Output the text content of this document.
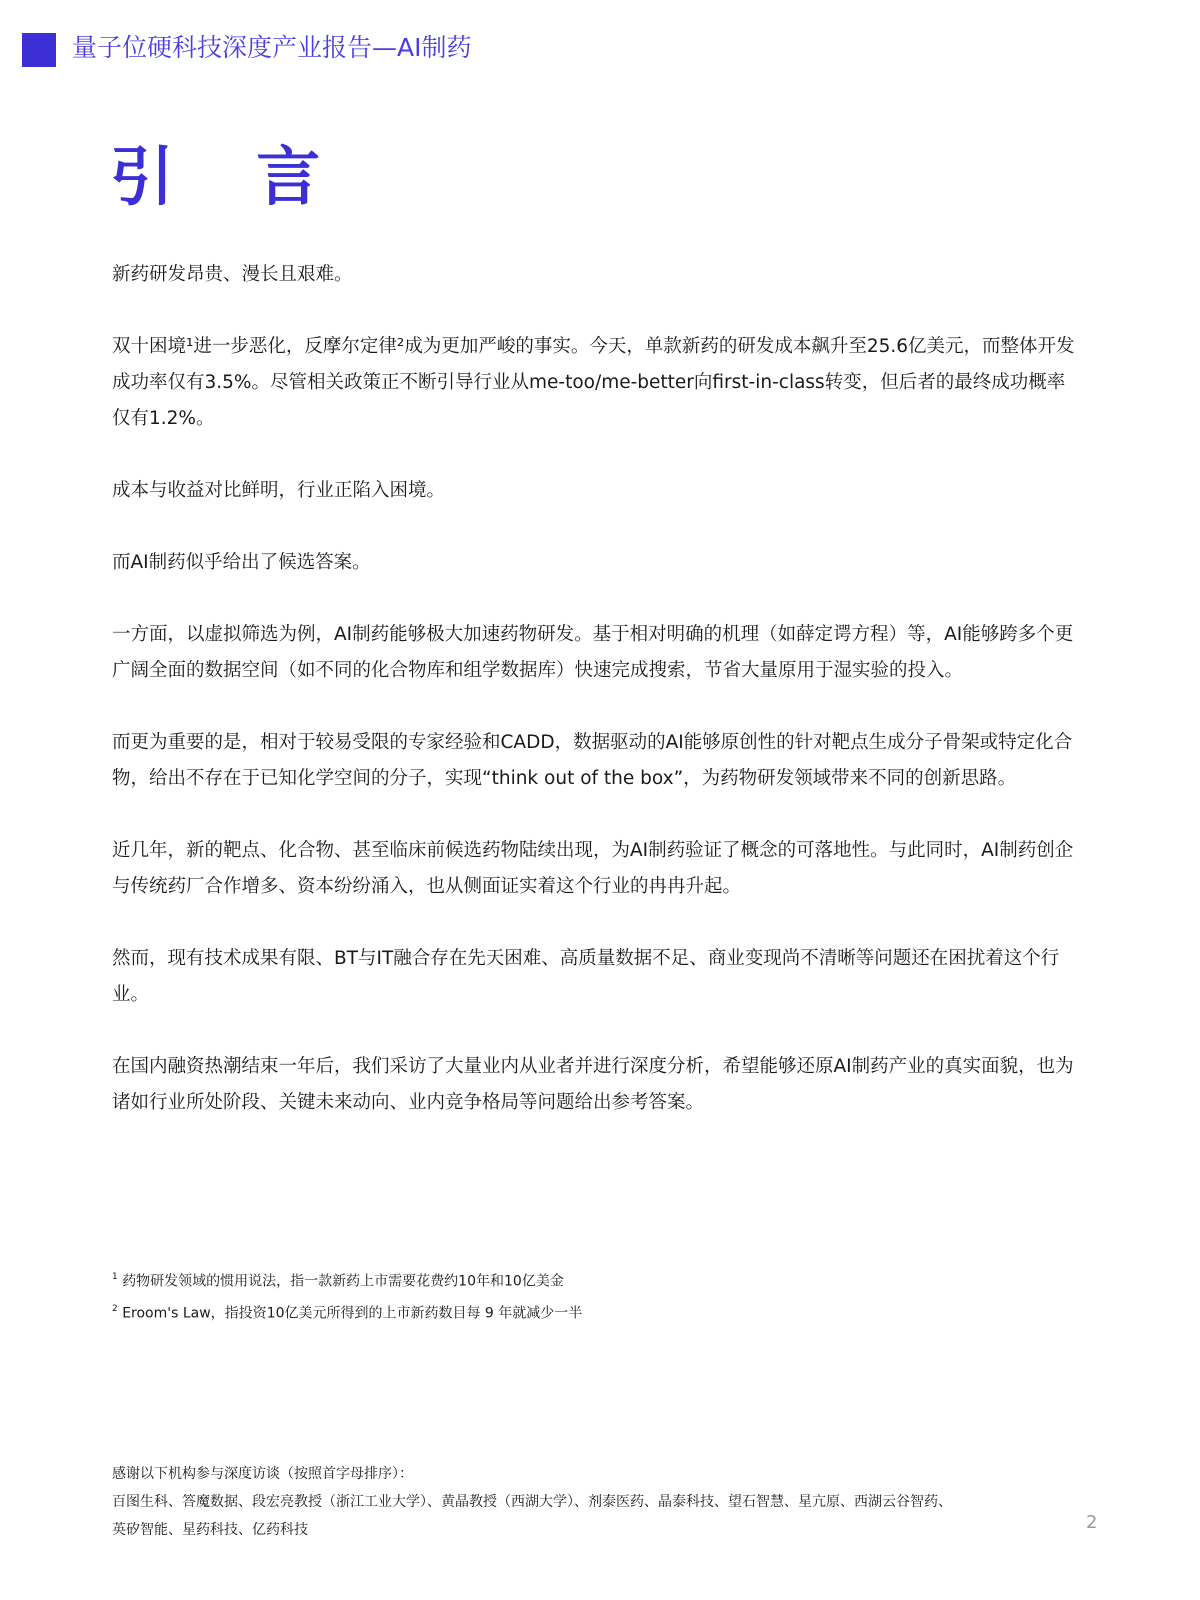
量子位硬科技深度产业报告—AI制药
引 言

新药研发昂贵、漫长且艰难。

双十困境¹进一步恶化，反摩尔定律²成为更加严峻的事实。今天，单款新药的研发成本飙升至25.6亿美元，而整体开发成功率仅有3.5%。尽管相关政策正不断引导行业从me-too/me-better向first-in-class转变，但后者的最终成功概率仅有1.2%。

成本与收益对比鲜明，行业正陷入困境。

而AI制药似乎给出了候选答案。

一方面，以虚拟筛选为例，AI制药能够极大加速药物研发。基于相对明确的机理（如薛定谔方程）等，AI能够跨多个更广阔全面的数据空间（如不同的化合物库和组学数据库）快速完成搜索，节省大量原用于湿实验的投入。

而更为重要的是，相对于较易受限的专家经验和CADD，数据驱动的AI能够原创性的针对靶点生成分子骨架或特定化合物，给出不存在于已知化学空间的分子，实现“think out of the box”，为药物研发领域带来不同的创新思路。

近几年，新的靶点、化合物、甚至临床前候选药物陆续出现，为AI制药验证了概念的可落地性。与此同时，AI制药创企与传统药厂合作增多、资本纷纷涌入，也从侧面证实着这个行业的冉冉升起。

然而，现有技术成果有限、BT与IT融合存在先天困难、高质量数据不足、商业变现尚不清晰等问题还在困扰着这个行业。

在国内融资热潮结束一年后，我们采访了大量业内从业者并进行深度分析，希望能够还原AI制药产业的真实面貌，也为诸如行业所处阶段、关键未来动向、业内竞争格局等问题给出参考答案。

$^1$ 药物研发领域的惯用说法，指一款新药上市需要花费约10年和10亿美金

$^2$ Eroom's Law，指投资10亿美元所得到的上市新药数目每 9 年就减少一半

感谢以下机构参与深度访谈（按照首字母排序）：

百图生科、答魔数据、段宏亮教授（浙江工业大学）、黄晶教授（西湖大学）、剂泰医药、晶泰科技、望石智慧、星亢原、西湖云谷智药、

英矽智能、星药科技、亿药科技	2
